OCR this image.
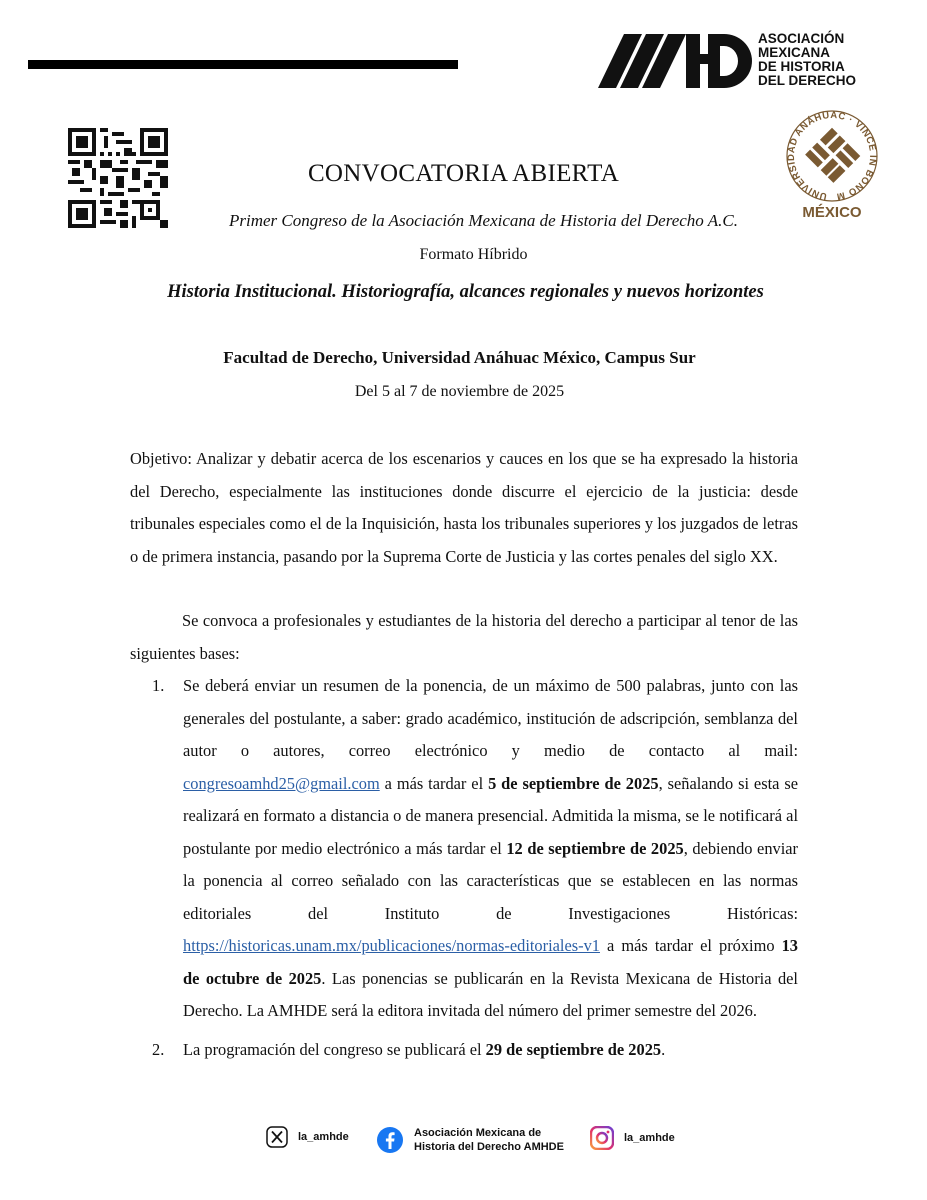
ASOCIACIÓN
MEXICANA
DE HISTORIA
DEL DERECHO
UNIVERSIDAD ANÁHUAC · VINCE IN BONO M
MÉXICO
CONVOCATORIA ABIERTA
Primer Congreso de la Asociación Mexicana de Historia del Derecho A.C.
Formato Híbrido
Historia Institucional. Historiografía, alcances regionales y nuevos horizontes
Facultad de Derecho, Universidad Anáhuac México, Campus Sur
Del 5 al 7 de noviembre de 2025
Objetivo: Analizar y debatir acerca de los escenarios y cauces en los que se ha expresado la historia del Derecho, especialmente las instituciones donde discurre el ejercicio de la justicia: desde tribunales especiales como el de la Inquisición, hasta los tribunales superiores y los juzgados de letras o de primera instancia, pasando por la Suprema Corte de Justicia y las cortes penales del siglo XX.
Se convoca a profesionales y estudiantes de la historia del derecho a participar al tenor de las siguientes bases:
1. Se deberá enviar un resumen de la ponencia, de un máximo de 500 palabras, junto con las generales del postulante, a saber: grado académico, institución de adscripción, semblanza del autor o autores, correo electrónico y medio de contacto al mail: congresoamhd25@gmail.com a más tardar el 5 de septiembre de 2025, señalando si esta se realizará en formato a distancia o de manera presencial. Admitida la misma, se le notificará al postulante por medio electrónico a más tardar el 12 de septiembre de 2025, debiendo enviar la ponencia al correo señalado con las características que se establecen en las normas editoriales del Instituto de Investigaciones Históricas: https://historicas.unam.mx/publicaciones/normas-editoriales-v1 a más tardar el próximo 13 de octubre de 2025. Las ponencias se publicarán en la Revista Mexicana de Historia del Derecho. La AMHDE será la editora invitada del número del primer semestre del 2026.
2. La programación del congreso se publicará el 29 de septiembre de 2025.
la_amhde	Asociación Mexicana de
Historia del Derecho AMHDE
la_amhde
